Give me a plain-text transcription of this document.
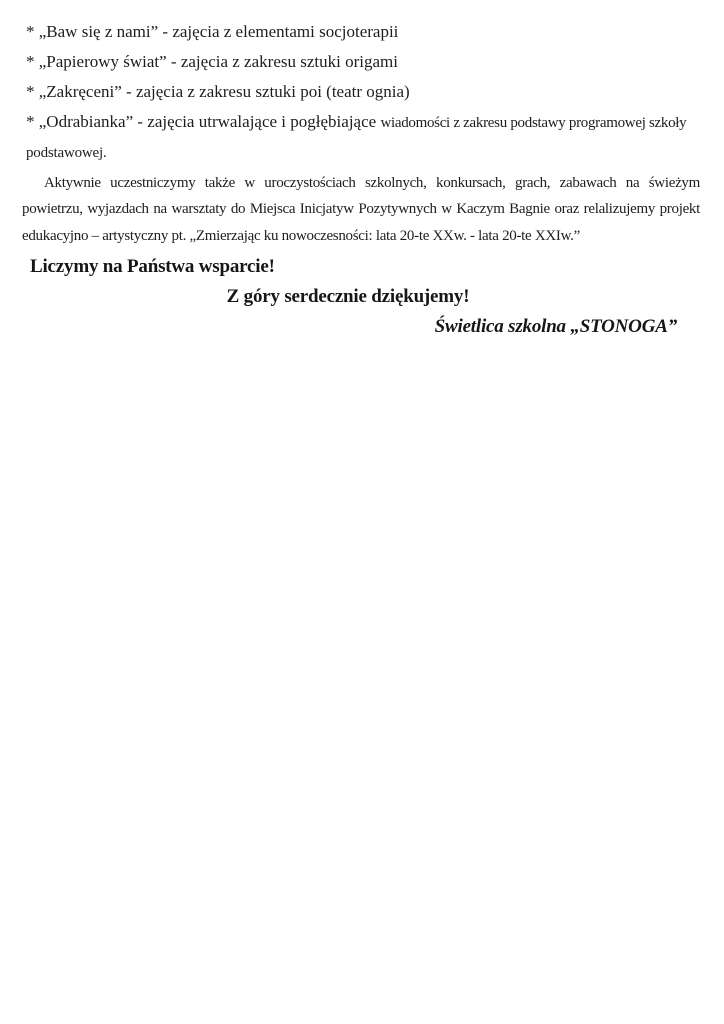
* „Baw się z nami” - zajęcia z elementami socjoterapii
* „Papierowy świat” - zajęcia z zakresu sztuki origami
* „Zakręceni” - zajęcia z zakresu sztuki poi (teatr ognia)
* „Odrabianka” - zajęcia utrwalające i pogłębiające wiadomości z zakresu podstawy programowej szkoły
podstawowej.
Aktywnie uczestniczymy także w uroczystościach szkolnych, konkursach, grach, zabawach na świeżym
powietrzu, wyjazdach na warsztaty do Miejsca Inicjatyw Pozytywnych w Kaczym Bagnie oraz relalizujemy projekt
edukacyjno – artystyczny pt. „Zmierzając ku nowoczesności: lata 20-te XXw. - lata 20-te XXIw.”
Liczymy na Państwa wsparcie!
Z góry serdecznie dziękujemy!
Świetlica szkolna „STONOGA”
